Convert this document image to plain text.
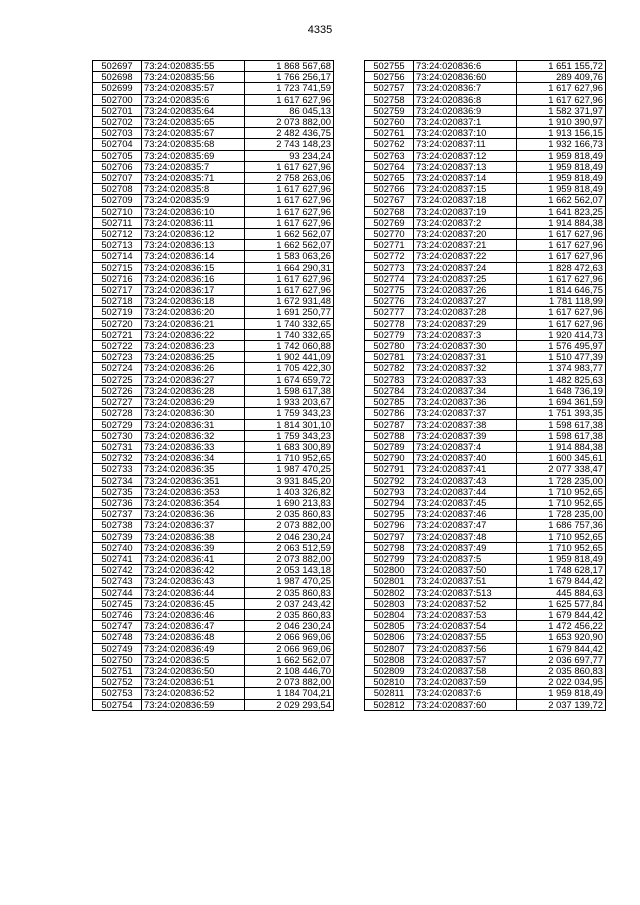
4335
502697	73:24:020835:55	1 868 567,68
502698	73:24:020835:56	1 766 256,17
502699	73:24:020835:57	1 723 741,59
502700	73:24:020835:6	1 617 627,96
502701	73:24:020835:64	86 045,13
502702	73:24:020835:65	2 073 882,00
502703	73:24:020835:67	2 482 436,75
502704	73:24:020835:68	2 743 148,23
502705	73:24:020835:69	93 234,24
502706	73:24:020835:7	1 617 627,96
502707	73:24:020835:71	2 758 263,06
502708	73:24:020835:8	1 617 627,96
502709	73:24:020835:9	1 617 627,96
502710	73:24:020836:10	1 617 627,96
502711	73:24:020836:11	1 617 627,96
502712	73:24:020836:12	1 662 562,07
502713	73:24:020836:13	1 662 562,07
502714	73:24:020836:14	1 583 063,26
502715	73:24:020836:15	1 664 290,31
502716	73:24:020836:16	1 617 627,96
502717	73:24:020836:17	1 617 627,96
502718	73:24:020836:18	1 672 931,48
502719	73:24:020836:20	1 691 250,77
502720	73:24:020836:21	1 740 332,65
502721	73:24:020836:22	1 740 332,65
502722	73:24:020836:23	1 742 060,88
502723	73:24:020836:25	1 902 441,09
502724	73:24:020836:26	1 705 422,30
502725	73:24:020836:27	1 674 659,72
502726	73:24:020836:28	1 598 617,38
502727	73:24:020836:29	1 933 203,67
502728	73:24:020836:30	1 759 343,23
502729	73:24:020836:31	1 814 301,10
502730	73:24:020836:32	1 759 343,23
502731	73:24:020836:33	1 683 300,89
502732	73:24:020836:34	1 710 952,65
502733	73:24:020836:35	1 987 470,25
502734	73:24:020836:351	3 931 845,20
502735	73:24:020836:353	1 403 326,82
502736	73:24:020836:354	1 690 213,83
502737	73:24:020836:36	2 035 860,83
502738	73:24:020836:37	2 073 882,00
502739	73:24:020836:38	2 046 230,24
502740	73:24:020836:39	2 063 512,59
502741	73:24:020836:41	2 073 882,00
502742	73:24:020836:42	2 053 143,18
502743	73:24:020836:43	1 987 470,25
502744	73:24:020836:44	2 035 860,83
502745	73:24:020836:45	2 037 243,42
502746	73:24:020836:46	2 035 860,83
502747	73:24:020836:47	2 046 230,24
502748	73:24:020836:48	2 066 969,06
502749	73:24:020836:49	2 066 969,06
502750	73:24:020836:5	1 662 562,07
502751	73:24:020836:50	2 108 446,70
502752	73:24:020836:51	2 073 882,00
502753	73:24:020836:52	1 184 704,21
502754	73:24:020836:59	2 029 293,54
502755	73:24:020836:6	1 651 155,72
502756	73:24:020836:60	289 409,76
502757	73:24:020836:7	1 617 627,96
502758	73:24:020836:8	1 617 627,96
502759	73:24:020836:9	1 582 371,97
502760	73:24:020837:1	1 910 390,97
502761	73:24:020837:10	1 913 156,15
502762	73:24:020837:11	1 932 166,73
502763	73:24:020837:12	1 959 818,49
502764	73:24:020837:13	1 959 818,49
502765	73:24:020837:14	1 959 818,49
502766	73:24:020837:15	1 959 818,49
502767	73:24:020837:18	1 662 562,07
502768	73:24:020837:19	1 641 823,25
502769	73:24:020837:2	1 914 884,38
502770	73:24:020837:20	1 617 627,96
502771	73:24:020837:21	1 617 627,96
502772	73:24:020837:22	1 617 627,96
502773	73:24:020837:24	1 828 472,63
502774	73:24:020837:25	1 617 627,96
502775	73:24:020837:26	1 814 646,75
502776	73:24:020837:27	1 781 118,99
502777	73:24:020837:28	1 617 627,96
502778	73:24:020837:29	1 617 627,96
502779	73:24:020837:3	1 920 414,73
502780	73:24:020837:30	1 576 495,97
502781	73:24:020837:31	1 510 477,39
502782	73:24:020837:32	1 374 983,77
502783	73:24:020837:33	1 482 825,63
502784	73:24:020837:34	1 648 736,19
502785	73:24:020837:36	1 694 361,59
502786	73:24:020837:37	1 751 393,35
502787	73:24:020837:38	1 598 617,38
502788	73:24:020837:39	1 598 617,38
502789	73:24:020837:4	1 914 884,38
502790	73:24:020837:40	1 600 345,61
502791	73:24:020837:41	2 077 338,47
502792	73:24:020837:43	1 728 235,00
502793	73:24:020837:44	1 710 952,65
502794	73:24:020837:45	1 710 952,65
502795	73:24:020837:46	1 728 235,00
502796	73:24:020837:47	1 686 757,36
502797	73:24:020837:48	1 710 952,65
502798	73:24:020837:49	1 710 952,65
502799	73:24:020837:5	1 959 818,49
502800	73:24:020837:50	1 748 628,17
502801	73:24:020837:51	1 679 844,42
502802	73:24:020837:513	445 884,63
502803	73:24:020837:52	1 625 577,84
502804	73:24:020837:53	1 679 844,42
502805	73:24:020837:54	1 472 456,22
502806	73:24:020837:55	1 653 920,90
502807	73:24:020837:56	1 679 844,42
502808	73:24:020837:57	2 036 697,77
502809	73:24:020837:58	2 035 860,83
502810	73:24:020837:59	2 022 034,95
502811	73:24:020837:6	1 959 818,49
502812	73:24:020837:60	2 037 139,72
